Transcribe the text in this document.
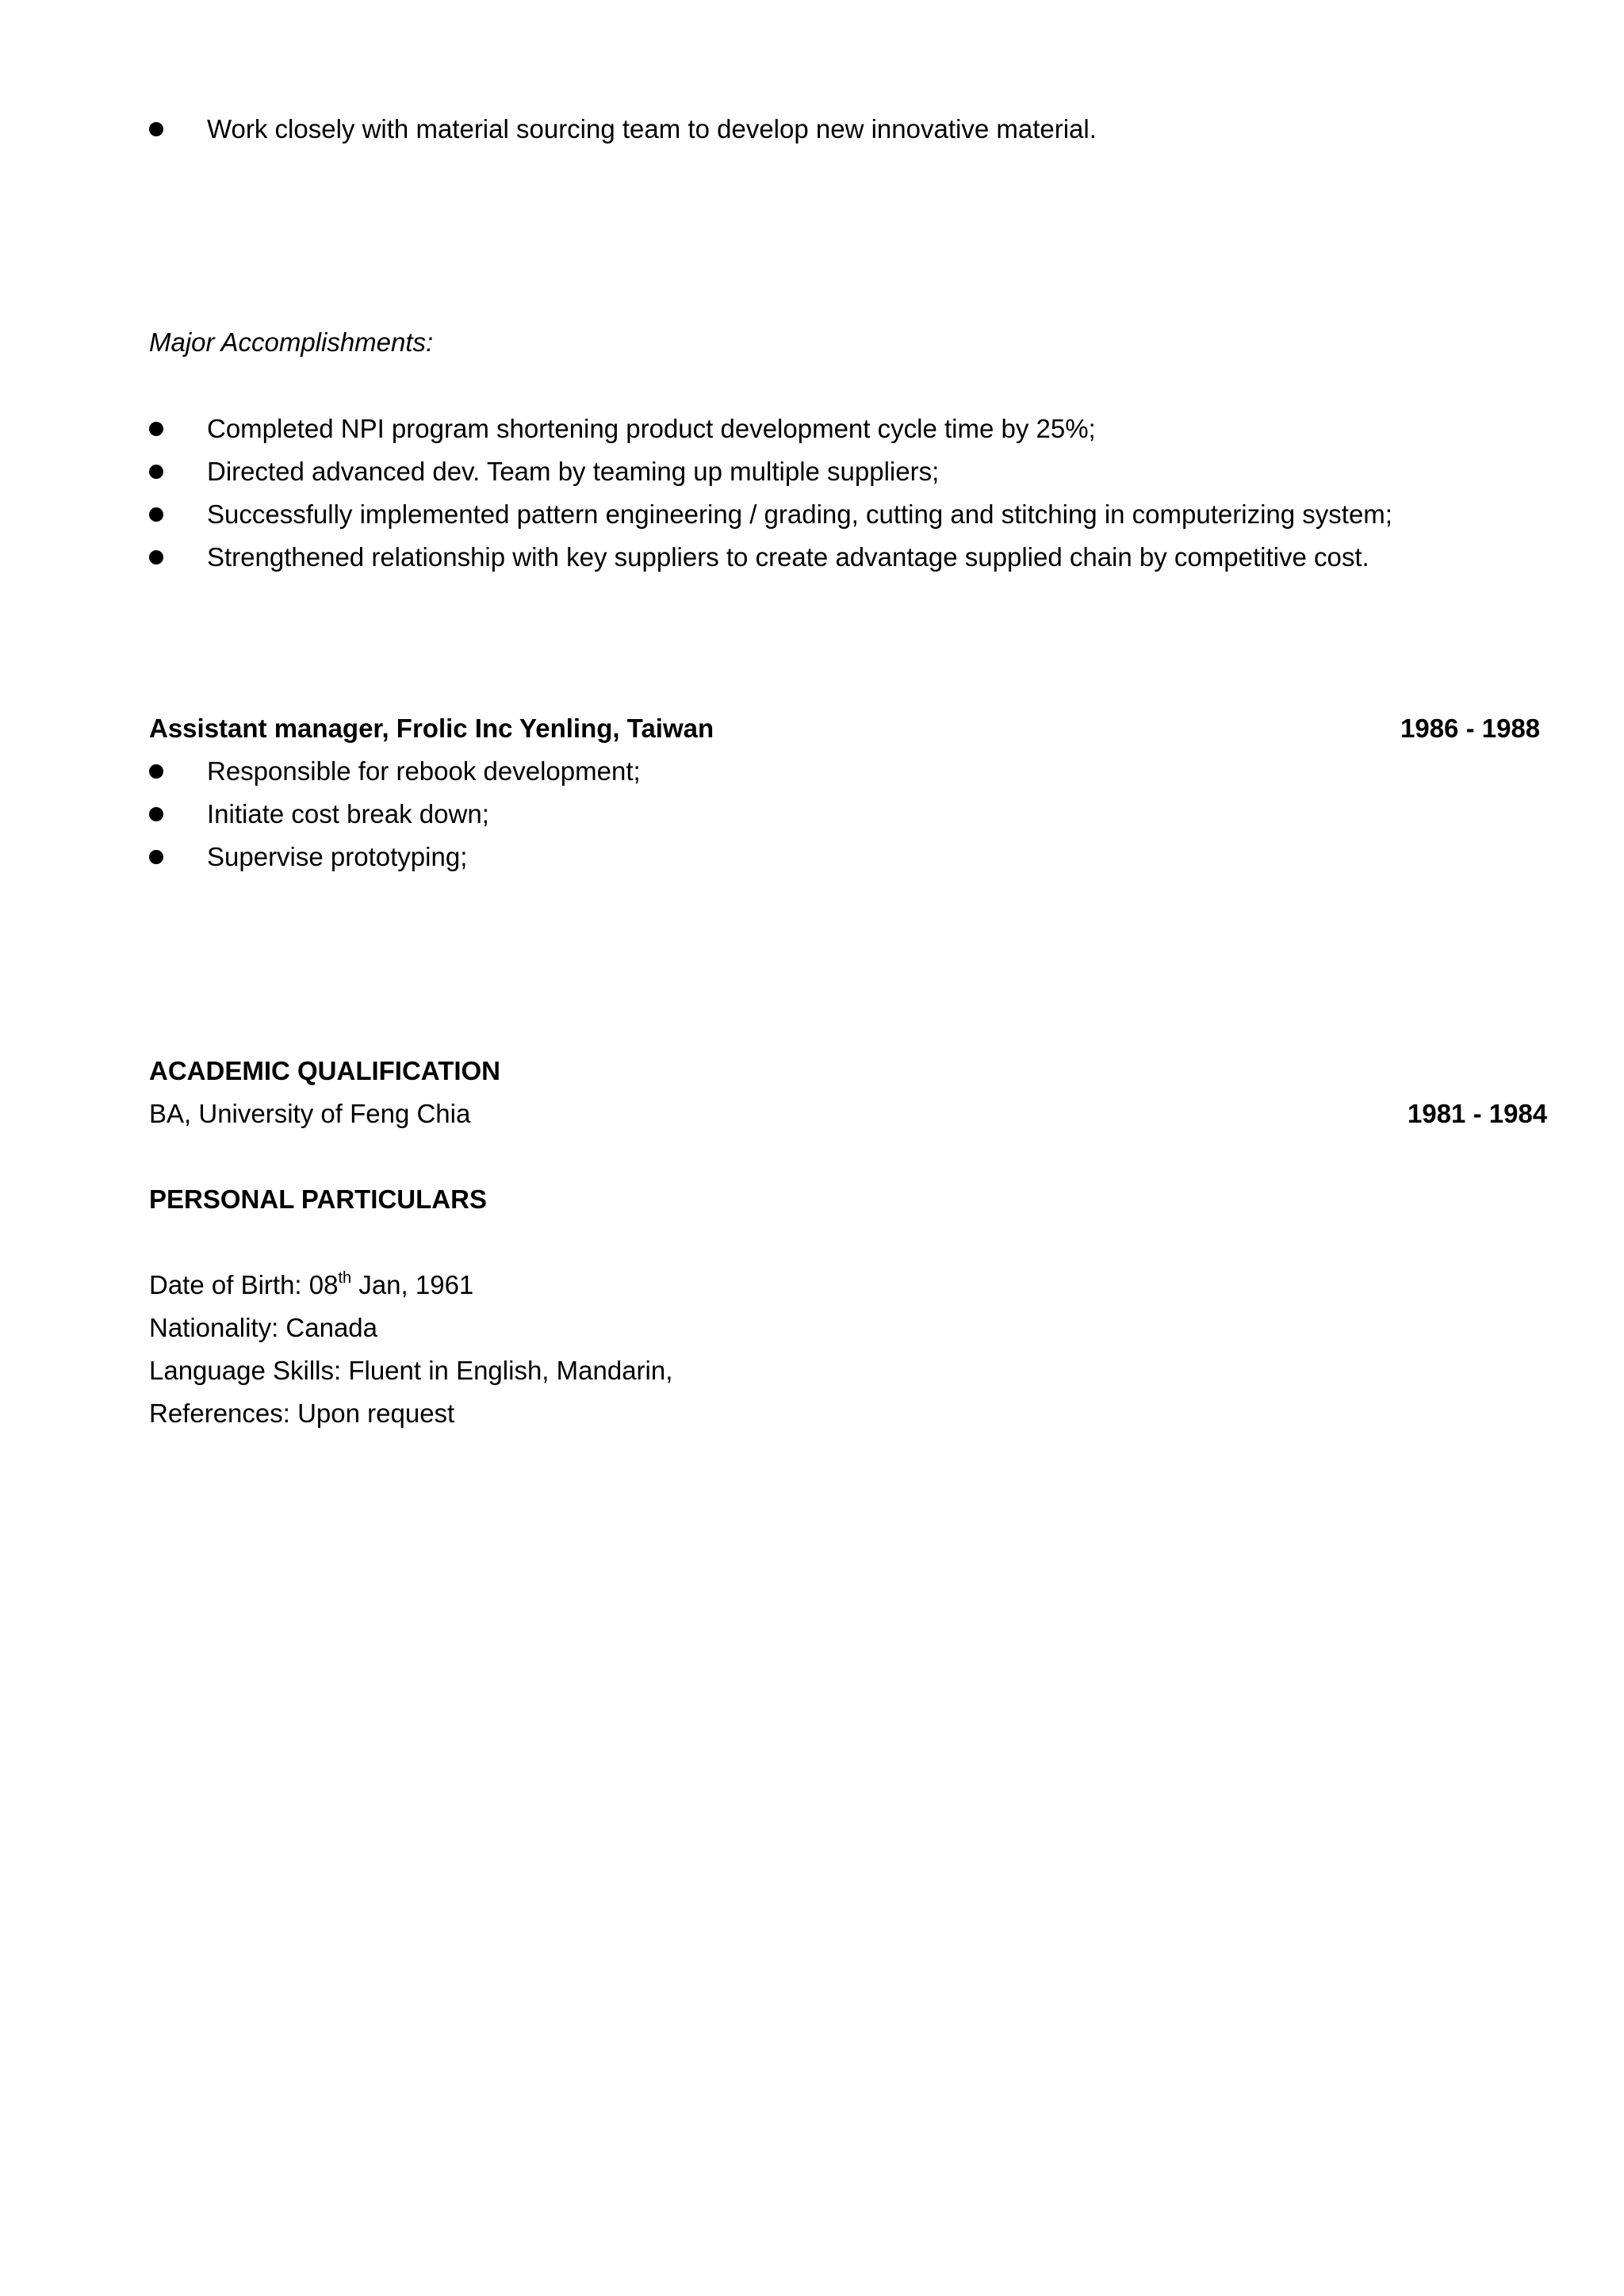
Work closely with material sourcing team to develop new innovative material.
Major Accomplishments:
Completed NPI program shortening product development cycle time by 25%;
Directed advanced dev. Team by teaming up multiple suppliers;
Successfully implemented pattern engineering / grading, cutting and stitching in computerizing system;
Strengthened relationship with key suppliers to create advantage supplied chain by competitive cost.
Assistant manager, Frolic Inc Yenling, Taiwan	1986 - 1988
Responsible for rebook development;
Initiate cost break down;
Supervise prototyping;
ACADEMIC QUALIFICATION
BA, University of Feng Chia	1981 - 1984
PERSONAL PARTICULARS
Date of Birth: 08th Jan, 1961
Nationality: Canada
Language Skills: Fluent in English, Mandarin,
References: Upon request
